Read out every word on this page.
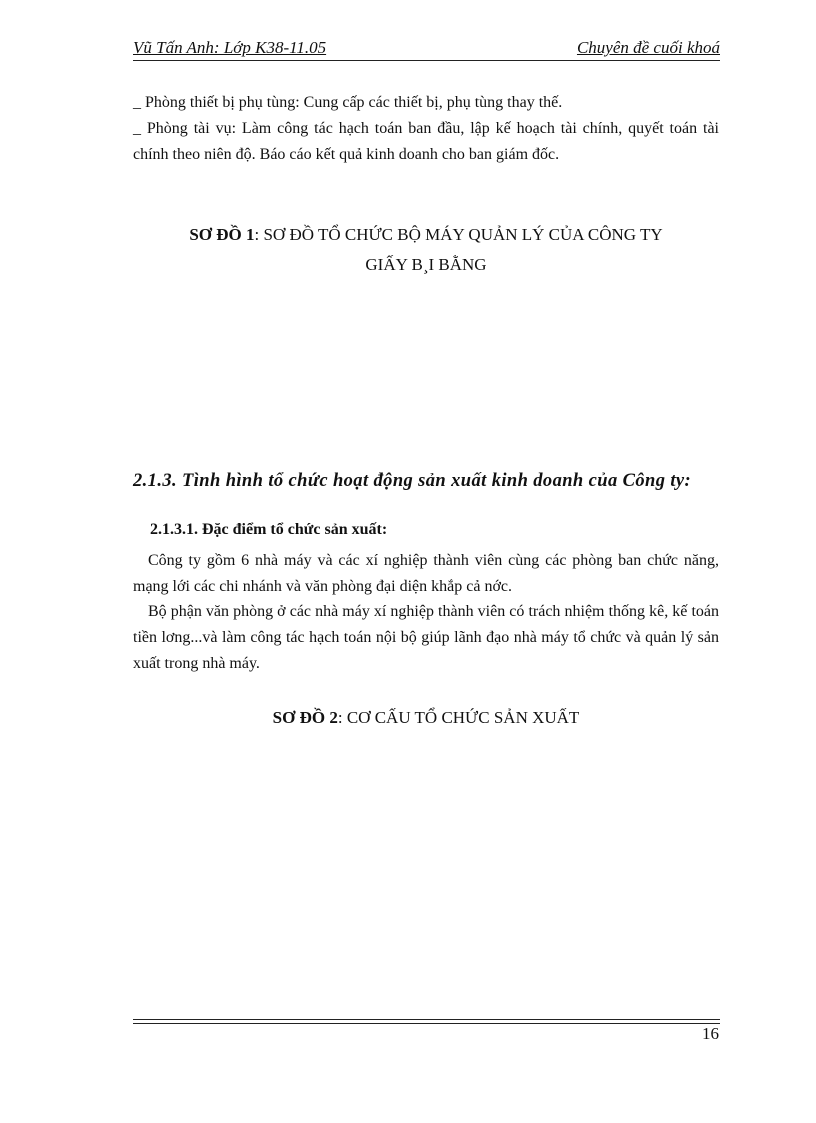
Vũ Tấn Anh: Lớp K38-11.05	Chuyên đề cuối khoá
_ Phòng thiết bị phụ tùng: Cung cấp các thiết bị, phụ tùng thay thế.
_ Phòng tài vụ: Làm công tác hạch toán ban đầu, lập kế hoạch tài chính, quyết toán tài chính theo niên độ. Báo cáo kết quả kinh doanh cho ban giám đốc.
SƠ ĐỒ 1: SƠ ĐỒ TỔ CHỨC BỘ MÁY QUẢN LÝ CỦA CÔNG TY
GIẤY B¸I BẰNG
2.1.3. Tình hình tổ chức hoạt động sản xuất kinh doanh của Công ty:
2.1.3.1. Đặc điểm tổ chức sản xuất:
Công ty gồm 6 nhà máy và các xí nghiệp thành viên cùng các phòng ban chức năng, mạng lới các chi nhánh và văn phòng đại diện khắp cả nớc.
Bộ phận văn phòng ở các nhà máy xí nghiệp thành viên có trách nhiệm thống kê, kế toán tiền lơng...và làm công tác hạch toán nội bộ giúp lãnh đạo nhà máy tổ chức và quản lý sản xuất trong nhà máy.
SƠ ĐỒ 2: CƠ CẤU TỔ CHỨC SẢN XUẤT
16
